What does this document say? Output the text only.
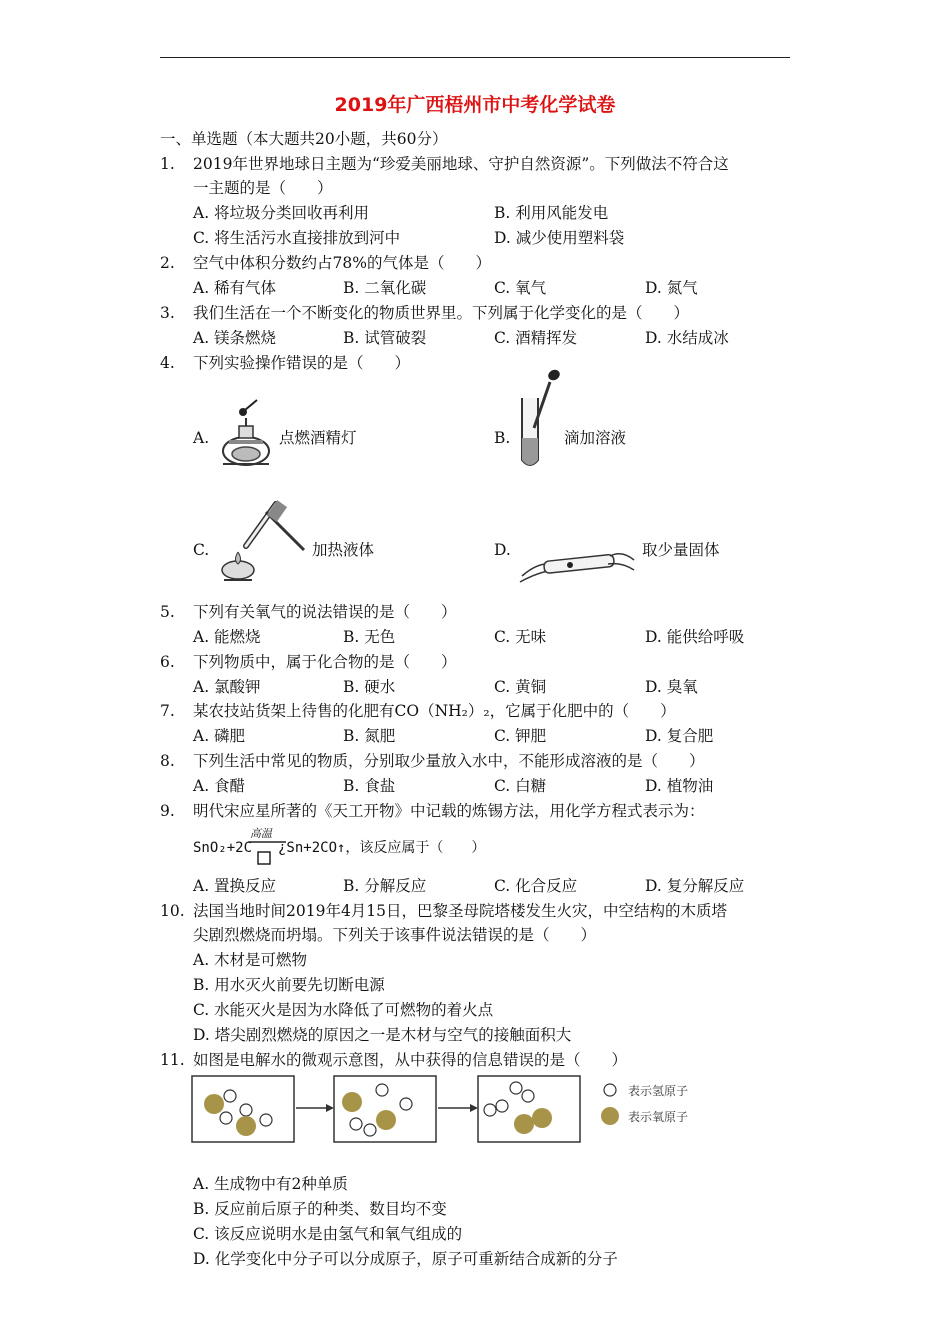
2019年广西梧州市中考化学试卷
一、单选题（本大题共20小题，共60分）
1. 2019年世界地球日主题为“珍爱美丽地球、守护自然资源”。下列做法不符合这
一主题的是（　　）
A. 将垃圾分类回收再利用	B. 利用风能发电
C. 将生活污水直接排放到河中	D. 减少使用塑料袋
2. 空气中体积分数约占78%的气体是（　　）
A. 稀有气体	B. 二氧化碳	C. 氧气	D. 氮气
3. 我们生活在一个不断变化的物质世界里。下列属于化学变化的是（　　）
A. 镁条燃烧	B. 试管破裂	C. 酒精挥发	D. 水结成冰
4. 下列实验操作错误的是（　　）
A.	点燃酒精灯	B.	滴加溶液
C.	加热液体	D.	取少量固体
5. 下列有关氧气的说法错误的是（　　）
A. 能燃烧	B. 无色	C. 无味	D. 能供给呼吸
6. 下列物质中，属于化合物的是（　　）
A. 氯酸钾	B. 硬水	C. 黄铜	D. 臭氧
7. 某农技站货架上待售的化肥有CO（NH₂）₂，它属于化肥中的（　　）
A. 磷肥	B. 氮肥	C. 钾肥	D. 复合肥
8. 下列生活中常见的物质，分别取少量放入水中，不能形成溶液的是（　　）
A. 食醋	B. 食盐	C. 白糖	D. 植物油
9. 明代宋应星所著的《天工开物》中记载的炼锡方法，用化学方程式表示为：
SnO₂+2C
高温
¿Sn+2CO↑，该反应属于（　　）
A. 置换反应	B. 分解反应	C. 化合反应	D. 复分解反应
10. 法国当地时间2019年4月15日，巴黎圣母院塔楼发生火灾，中空结构的木质塔
尖剧烈燃烧而坍塌。下列关于该事件说法错误的是（　　）
A. 木材是可燃物
B. 用水灭火前要先切断电源
C. 水能灭火是因为水降低了可燃物的着火点
D. 塔尖剧烈燃烧的原因之一是木材与空气的接触面积大
11. 如图是电解水的微观示意图，从中获得的信息错误的是（　　）
表示氢原子
表示氧原子
A. 生成物中有2种单质
B. 反应前后原子的种类、数目均不变
C. 该反应说明水是由氢气和氧气组成的
D. 化学变化中分子可以分成原子，原子可重新结合成新的分子
